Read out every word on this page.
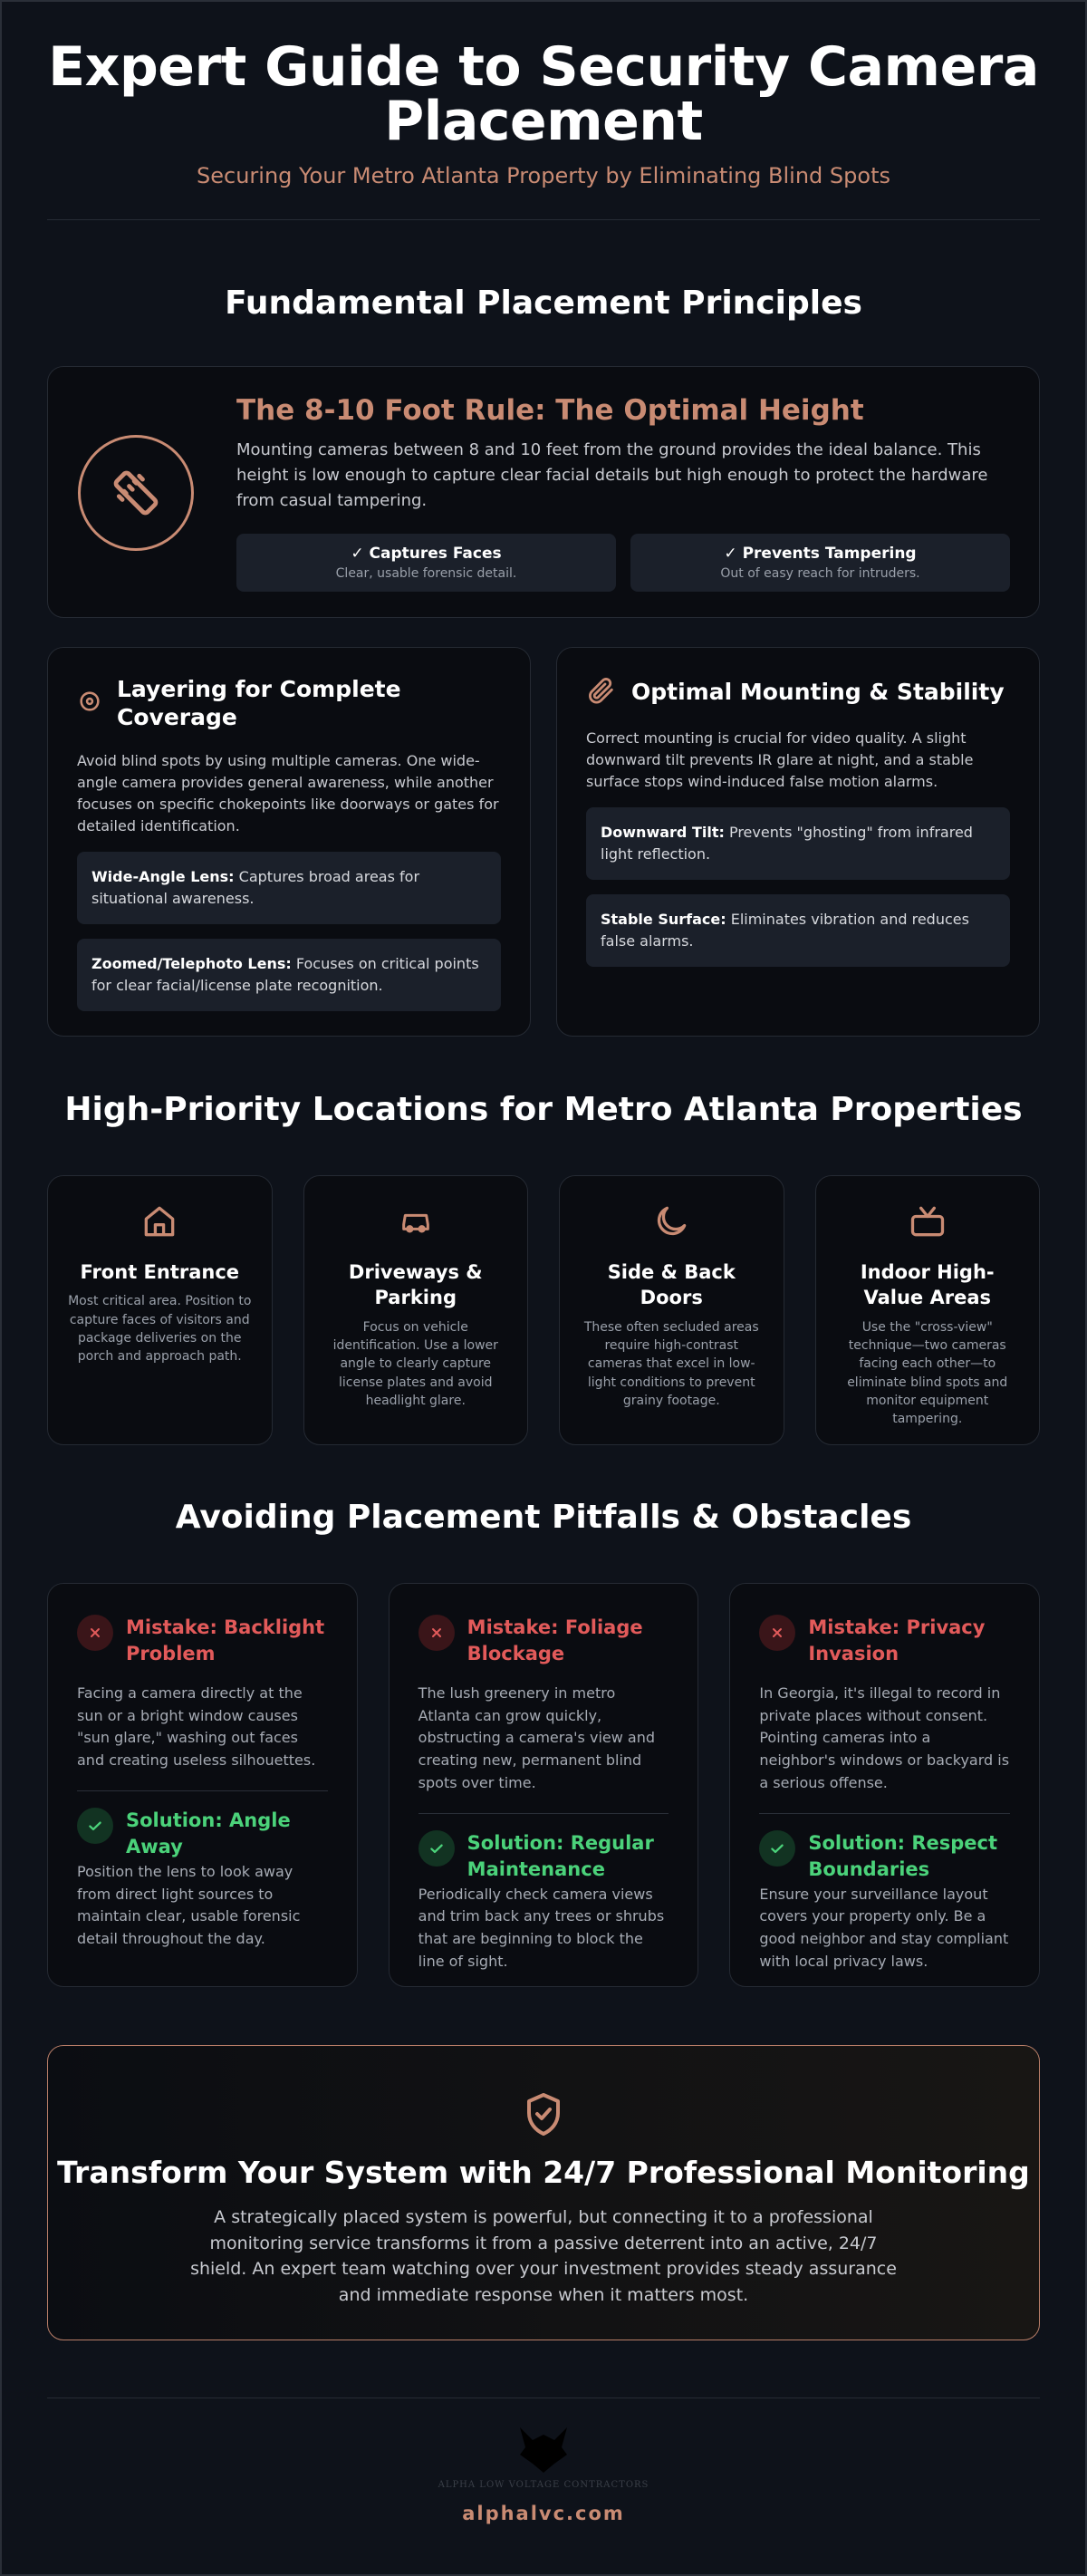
Expert Guide to Security Camera Placement
Securing Your Metro Atlanta Property by Eliminating Blind Spots
Fundamental Placement Principles
The 8-10 Foot Rule: The Optimal Height

Mounting cameras between 8 and 10 feet from the ground provides the ideal balance. This height is low enough to capture clear facial details but high enough to protect the hardware from casual tampering.

✓ Captures Faces
Clear, usable forensic detail.
✓ Prevents Tampering
Out of easy reach for intruders.
Layering for Complete Coverage

Avoid blind spots by using multiple cameras. One wide-angle camera provides general awareness, while another focuses on specific chokepoints like doorways or gates for detailed identification.

Wide-Angle Lens: Captures broad areas for situational awareness.
Zoomed/Telephoto Lens: Focuses on critical points for clear facial/license plate recognition.
Optimal Mounting & Stability

Correct mounting is crucial for video quality. A slight downward tilt prevents IR glare at night, and a stable surface stops wind-induced false motion alarms.

Downward Tilt: Prevents "ghosting" from infrared light reflection.
Stable Surface: Eliminates vibration and reduces false alarms.
High-Priority Locations for Metro Atlanta Properties
Front Entrance

Most critical area. Position to capture faces of visitors and package deliveries on the porch and approach path.

Driveways & Parking

Focus on vehicle identification. Use a lower angle to clearly capture license plates and avoid headlight glare.

Side & Back Doors

These often secluded areas require high-contrast cameras that excel in low-light conditions to prevent grainy footage.

Indoor High-Value Areas

Use the "cross-view" technique—two cameras facing each other—to eliminate blind spots and monitor equipment tampering.

Avoiding Placement Pitfalls & Obstacles
Mistake: Backlight Problem

Facing a camera directly at the sun or a bright window causes "sun glare," washing out faces and creating useless silhouettes.

Solution: Angle Away

Position the lens to look away from direct light sources to maintain clear, usable forensic detail throughout the day.

Mistake: Foliage Blockage

The lush greenery in metro Atlanta can grow quickly, obstructing a camera's view and creating new, permanent blind spots over time.

Solution: Regular Maintenance

Periodically check camera views and trim back any trees or shrubs that are beginning to block the line of sight.

Mistake: Privacy Invasion

In Georgia, it's illegal to record in private places without consent. Pointing cameras into a neighbor's windows or backyard is a serious offense.

Solution: Respect Boundaries

Ensure your surveillance layout covers your property only. Be a good neighbor and stay compliant with local privacy laws.

Transform Your System with 24/7 Professional Monitoring

A strategically placed system is powerful, but connecting it to a professional monitoring service transforms it from a passive deterrent into an active, 24/7 shield. An expert team watching over your investment provides steady assurance and immediate response when it matters most.

ALPHA LOW VOLTAGE CONTRACTORS
alphalvc.com
